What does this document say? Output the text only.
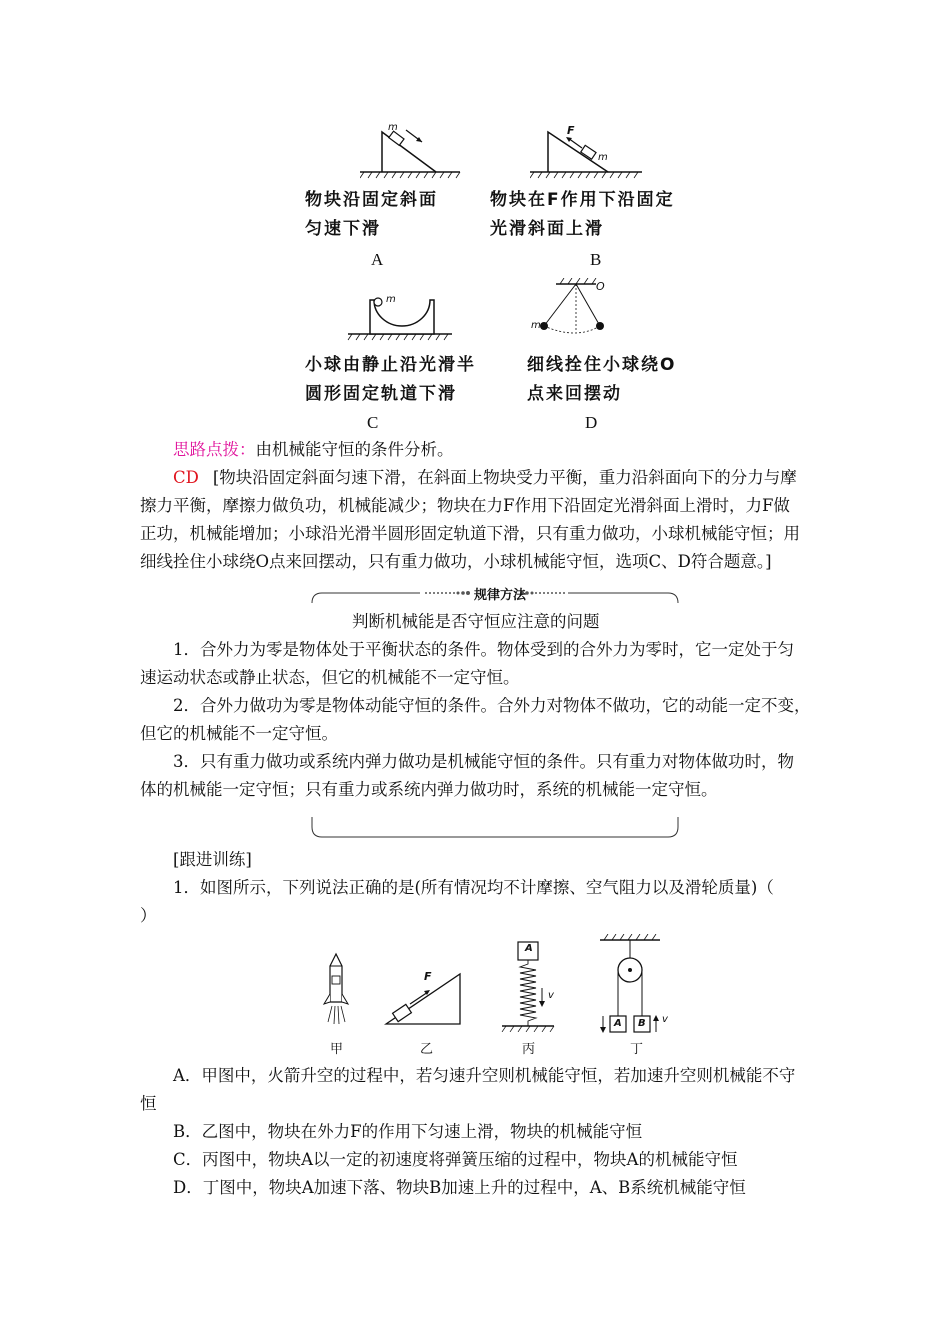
m	F
m
物块沿固定斜面
匀速下滑
A
物块在F作用下沿固定
光滑斜面上滑
B
m
O
m
小球由静止沿光滑半
圆形固定轨道下滑
C
细线拴住小球绕O
点来回摆动
D
思路点拨：由机械能守恒的条件分析。
CD [物块沿固定斜面匀速下滑，在斜面上物块受力平衡，重力沿斜面向下的分力与摩
擦力平衡，摩擦力做负功，机械能减少；物块在力F作用下沿固定光滑斜面上滑时，力F做
正功，机械能增加；小球沿光滑半圆形固定轨道下滑，只有重力做功，小球机械能守恒；用
细线拴住小球绕O点来回摆动，只有重力做功，小球机械能守恒，选项C、D符合题意。]
规律方法
判断机械能是否守恒应注意的问题
1．合外力为零是物体处于平衡状态的条件。物体受到的合外力为零时，它一定处于匀
速运动状态或静止状态，但它的机械能不一定守恒。
2．合外力做功为零是物体动能守恒的条件。合外力对物体不做功，它的动能一定不变，
但它的机械能不一定守恒。
3．只有重力做功或系统内弹力做功是机械能守恒的条件。只有重力对物体做功时，物
体的机械能一定守恒；只有重力或系统内弹力做功时，系统的机械能一定守恒。
[跟进训练]
1．如图所示，下列说法正确的是(所有情况均不计摩擦、空气阻力以及滑轮质量)（
）
甲
F
乙
A
v
丙
A B v
丁
A．甲图中，火箭升空的过程中，若匀速升空则机械能守恒，若加速升空则机械能不守
恒
B．乙图中，物块在外力F的作用下匀速上滑，物块的机械能守恒
C．丙图中，物块A以一定的初速度将弹簧压缩的过程中，物块A的机械能守恒
D．丁图中，物块A加速下落、物块B加速上升的过程中，A、B系统机械能守恒
